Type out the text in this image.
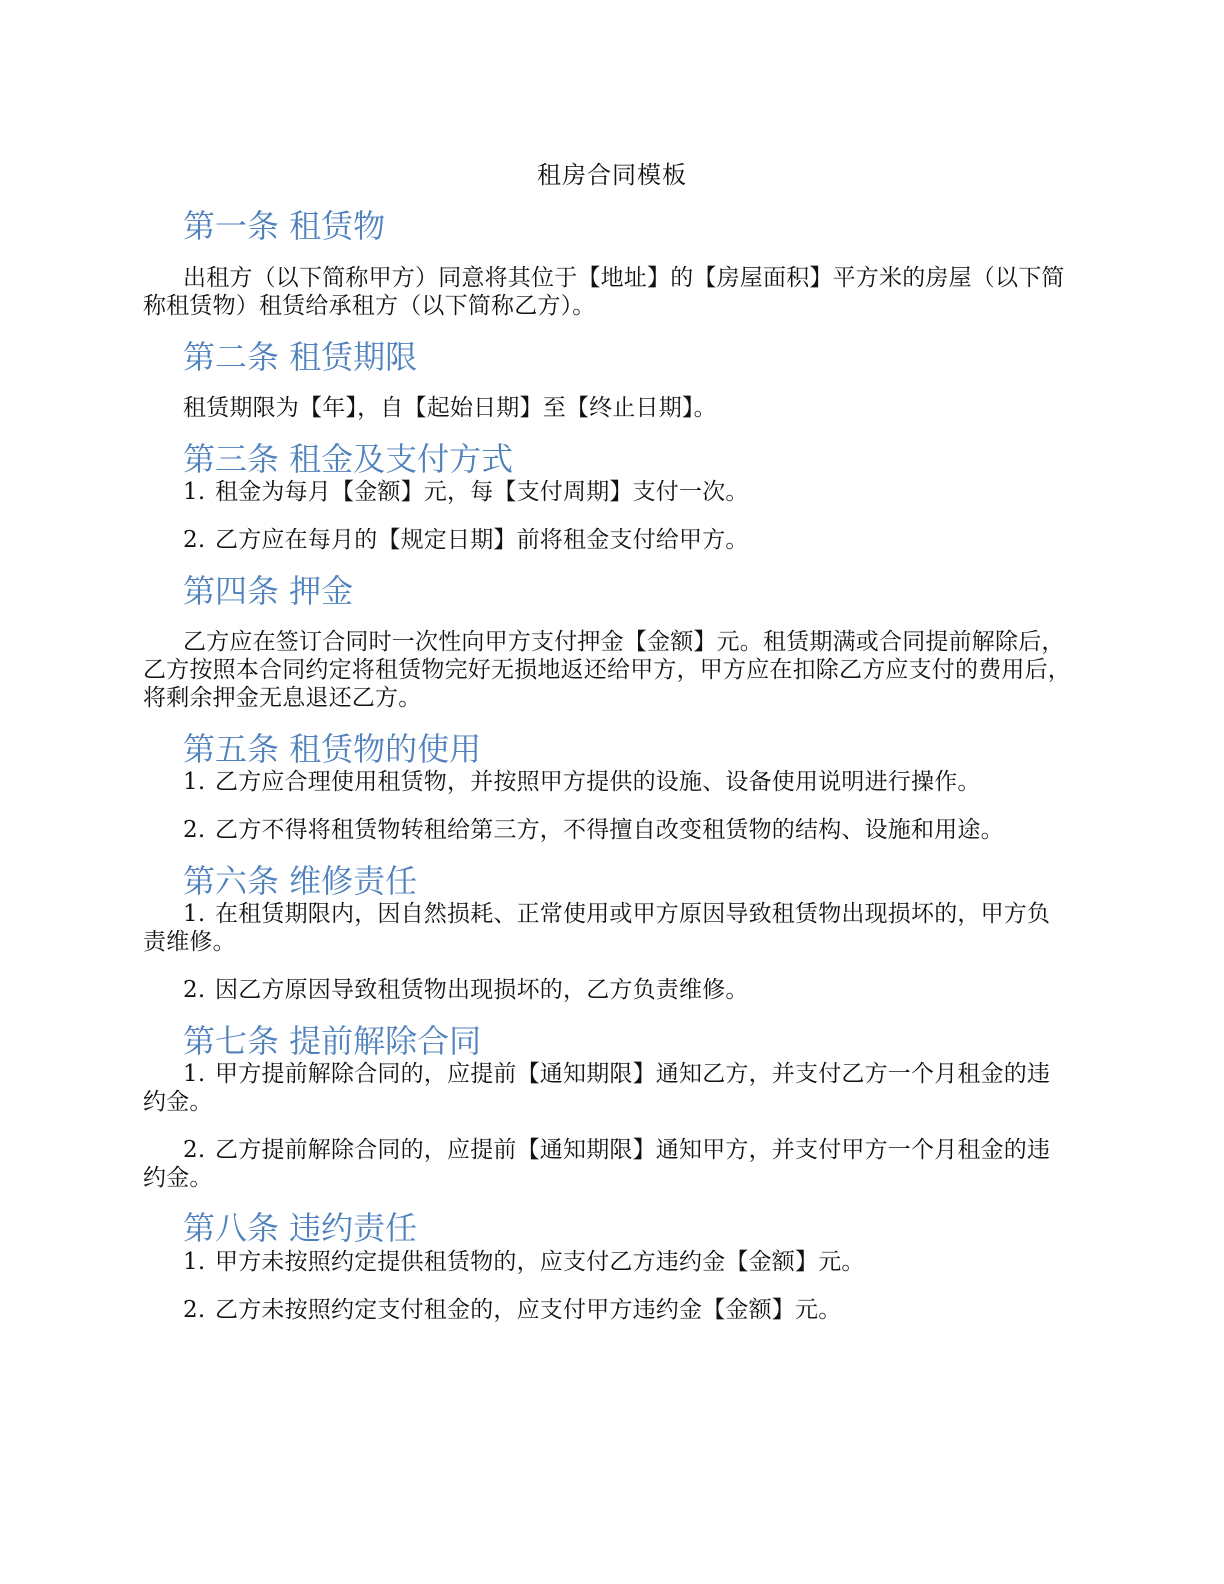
租房合同模板
第一条 租赁物
出租方（以下简称甲方）同意将其位于【地址】的【房屋面积】平方米的房屋（以下简称租赁物）租赁给承租方（以下简称乙方）。
第二条 租赁期限
租赁期限为【年】，自【起始日期】至【终止日期】。
第三条 租金及支付方式
1. 租金为每月【金额】元，每【支付周期】支付一次。
2. 乙方应在每月的【规定日期】前将租金支付给甲方。
第四条 押金
乙方应在签订合同时一次性向甲方支付押金【金额】元。租赁期满或合同提前解除后，乙方按照本合同约定将租赁物完好无损地返还给甲方，甲方应在扣除乙方应支付的费用后，将剩余押金无息退还乙方。
第五条 租赁物的使用
1. 乙方应合理使用租赁物，并按照甲方提供的设施、设备使用说明进行操作。
2. 乙方不得将租赁物转租给第三方，不得擅自改变租赁物的结构、设施和用途。
第六条 维修责任
1. 在租赁期限内，因自然损耗、正常使用或甲方原因导致租赁物出现损坏的，甲方负责维修。
2. 因乙方原因导致租赁物出现损坏的，乙方负责维修。
第七条 提前解除合同
1. 甲方提前解除合同的，应提前【通知期限】通知乙方，并支付乙方一个月租金的违约金。
2. 乙方提前解除合同的，应提前【通知期限】通知甲方，并支付甲方一个月租金的违约金。
第八条 违约责任
1. 甲方未按照约定提供租赁物的，应支付乙方违约金【金额】元。
2. 乙方未按照约定支付租金的，应支付甲方违约金【金额】元。
